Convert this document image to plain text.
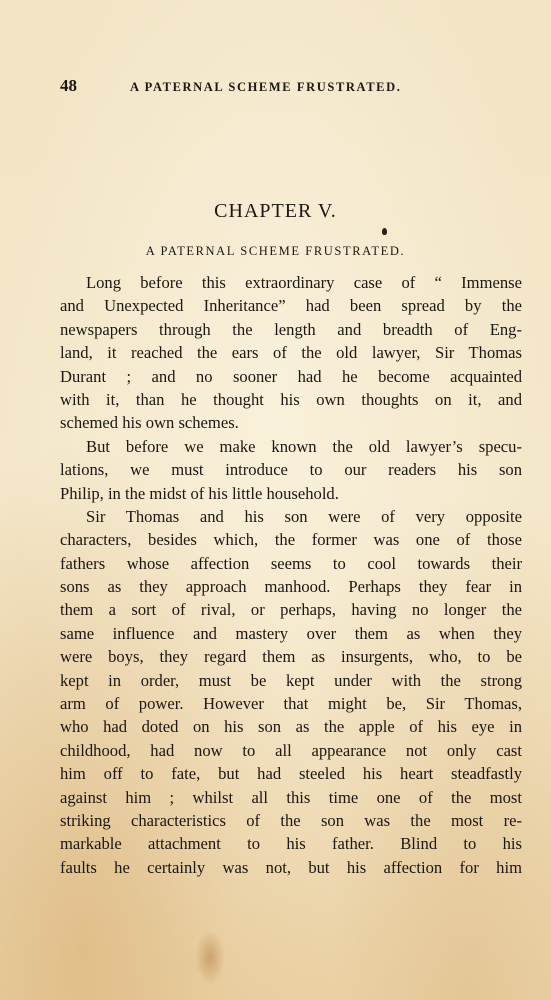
48	A PATERNAL SCHEME FRUSTRATED.
CHAPTER V.
A PATERNAL SCHEME FRUSTRATED.
Long before this extraordinary case of “ Immense
and Unexpected Inheritance” had been spread by the
newspapers through the length and breadth of Eng-
land, it reached the ears of the old lawyer, Sir Thomas
Durant ; and no sooner had he become acquainted
with it, than he thought his own thoughts on it, and
schemed his own schemes.
But before we make known the old lawyer’s specu-
lations, we must introduce to our readers his son
Philip, in the midst of his little household.
Sir Thomas and his son were of very opposite
characters, besides which, the former was one of those
fathers whose affection seems to cool towards their
sons as they approach manhood. Perhaps they fear in
them a sort of rival, or perhaps, having no longer the
same influence and mastery over them as when they
were boys, they regard them as insurgents, who, to be
kept in order, must be kept under with the strong
arm of power. However that might be, Sir Thomas,
who had doted on his son as the apple of his eye in
childhood, had now to all appearance not only cast
him off to fate, but had steeled his heart steadfastly
against him ; whilst all this time one of the most
striking characteristics of the son was the most re-
markable attachment to his father. Blind to his
faults he certainly was not, but his affection for him
